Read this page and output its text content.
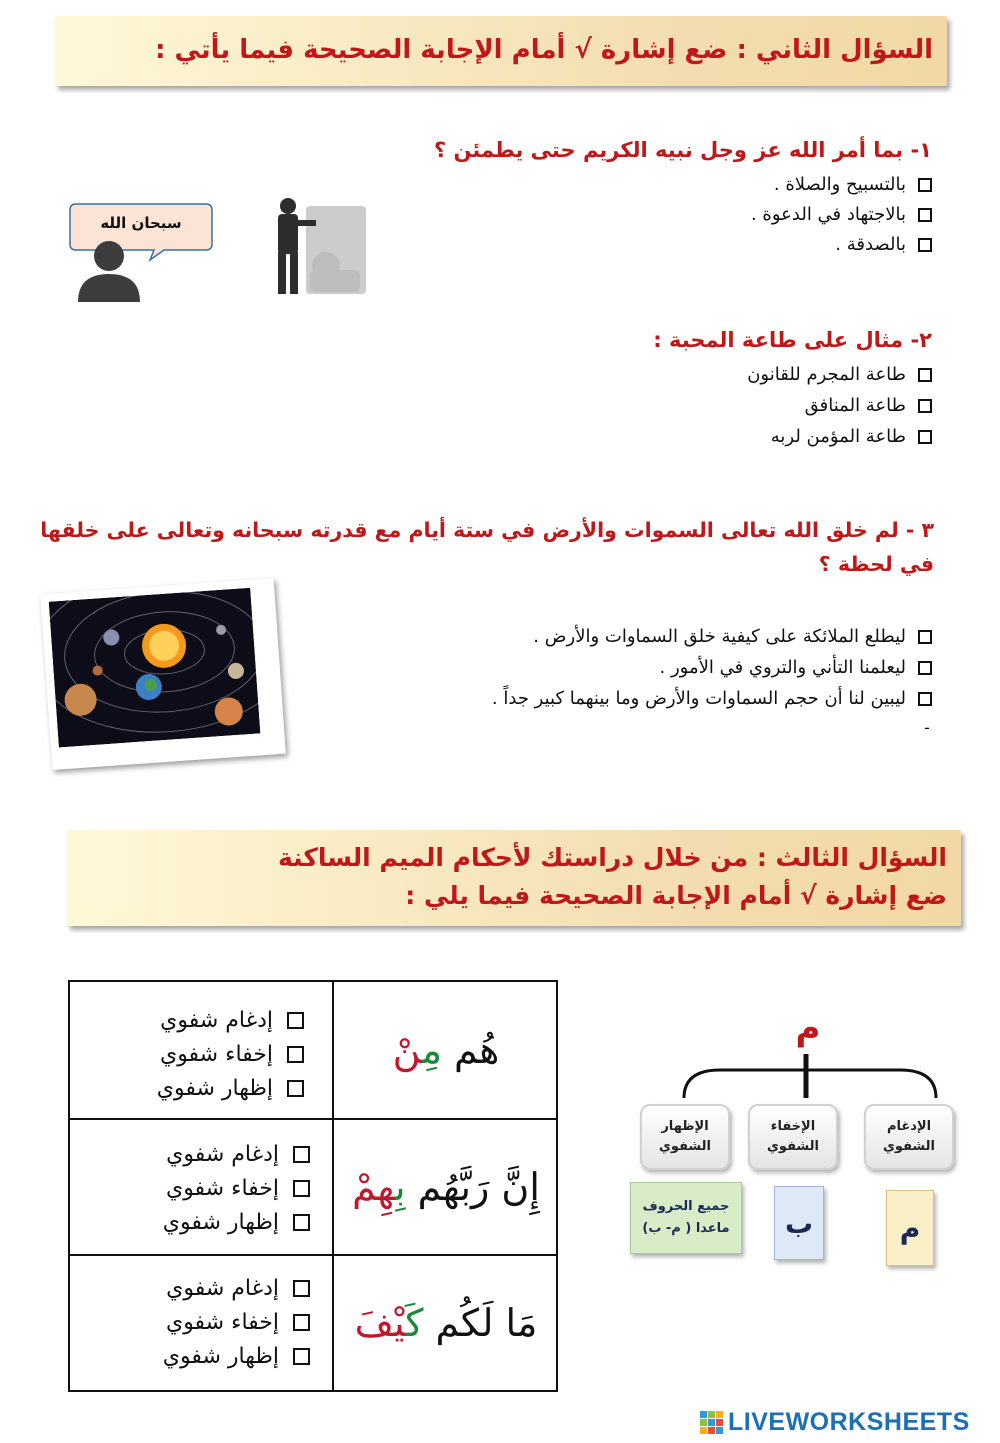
السؤال الثاني : ضع إشارة √ أمام الإجابة الصحيحة فيما يأتي :
١- بما أمر الله عز وجل نبيه الكريم حتى يطمئن ؟
بالتسبيح والصلاة .
بالاجتهاد في الدعوة .
بالصدقة .
سبحان الله
٢- مثال على طاعة المحبة :
طاعة المجرم للقانون
طاعة المنافق
طاعة المؤمن لربه
٣ - لم خلق الله تعالى السموات والأرض في ستة أيام مع قدرته سبحانه وتعالى على خلقها
في لحظة ؟
ليطلع الملائكة على كيفية خلق السماوات والأرض .
ليعلمنا التأني والتروي في الأمور .
ليبين لنا أن حجم السماوات والأرض وما بينهما كبير جداً .
-
السؤال الثالث : من خلال دراستك لأحكام الميم الساكنة
ضع إشارة √ أمام الإجابة الصحيحة فيما يلي :
هُم مِنْ
إدغام شفوي
إخفاء شفوي
إظهار شفوي
إِنَّ رَبَّهُم بِهِمْ
إدغام شفوي
إخفاء شفوي
إظهار شفوي
مَا لَكُم كَيْفَ
إدغام شفوي
إخفاء شفوي
إظهار شفوي
م
الإظهار الشفوي
الإخفاء الشفوي
الإدغام الشفوي
جميع الحروف ماعدا ( م- ب) ب	م
LIVEWORKSHEETS
